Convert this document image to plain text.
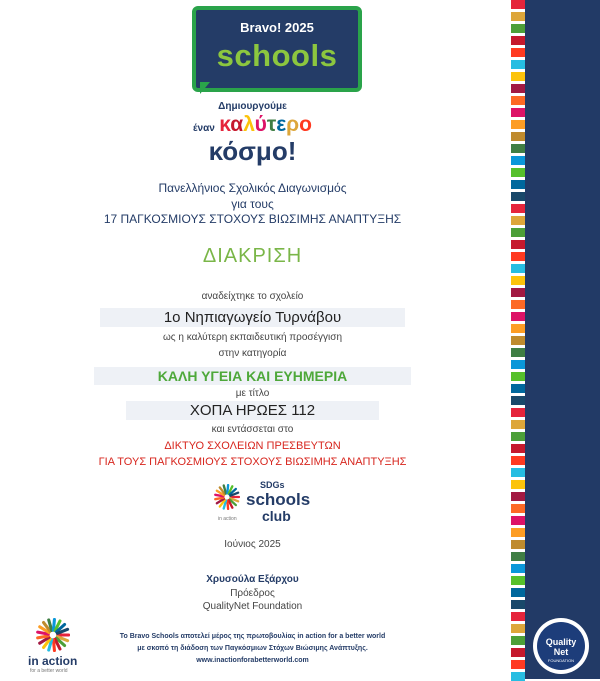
Bravo! 2025
schools
Δημιουργούμε
έναν καλύτερο
κόσμο!
Πανελλήνιος Σχολικός Διαγωνισμός
για τους
17 ΠΑΓΚΟΣΜΙΟΥΣ ΣΤΟΧΟΥΣ ΒΙΩΣΙΜΗΣ ΑΝΑΠΤΥΞΗΣ
ΔΙΑΚΡΙΣΗ
αναδείχτηκε το σχολείο
1ο Νηπιαγωγείο Τυρνάβου
ως η καλύτερη εκπαιδευτική προσέγγιση
στην κατηγορία
ΚΑΛΗ ΥΓΕΙΑ ΚΑΙ ΕΥΗΜΕΡΙΑ
με τίτλο
ΧΟΠΑ ΗΡΩΕΣ 112
και εντάσσεται στο
ΔΙΚΤΥΟ ΣΧΟΛΕΙΩΝ ΠΡΕΣΒΕΥΤΩΝ
ΓΙΑ ΤΟΥΣ ΠΑΓΚΟΣΜΙΟΥΣ ΣΤΟΧΟΥΣ ΒΙΩΣΙΜΗΣ ΑΝΑΠΤΥΞΗΣ
SDGs
schools
club
in action
Ιούνιος 2025
Χρυσούλα Εξάρχου
Πρόεδρος
QualityNet Foundation
Το Bravo Schools αποτελεί μέρος της πρωτοβουλίας in action for a better world
με σκοπό τη διάδοση των Παγκόσμιων Στόχων Βιώσιμης Ανάπτυξης.
www.inactionforabetterworld.com
in action
for a better world
Quality
Net
FOUNDATION
